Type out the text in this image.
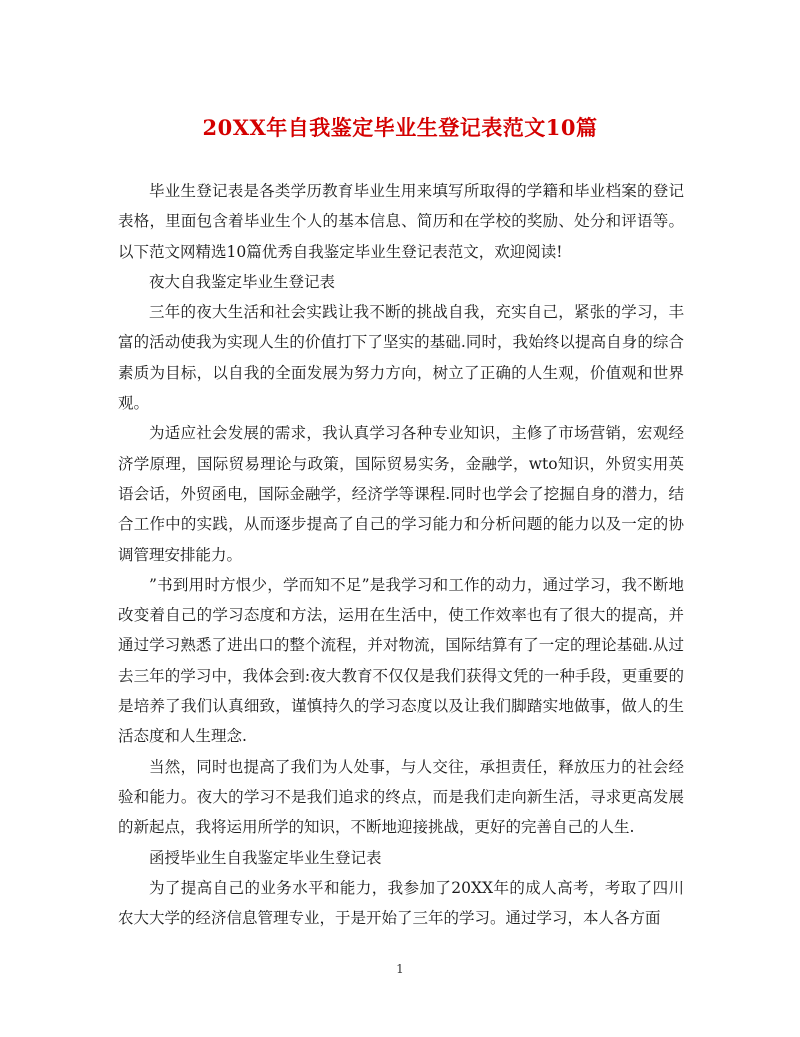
20XX年自我鉴定毕业生登记表范文10篇

毕业生登记表是各类学历教育毕业生用来填写所取得的学籍和毕业档案的登记表格，里面包含着毕业生个人的基本信息、简历和在学校的奖励、处分和评语等。以下范文网精选10篇优秀自我鉴定毕业生登记表范文，欢迎阅读!

夜大自我鉴定毕业生登记表

三年的夜大生活和社会实践让我不断的挑战自我，充实自己，紧张的学习，丰富的活动使我为实现人生的价值打下了坚实的基础.同时，我始终以提高自身的综合素质为目标，以自我的全面发展为努力方向，树立了正确的人生观，价值观和世界观。

为适应社会发展的需求，我认真学习各种专业知识，主修了市场营销，宏观经济学原理，国际贸易理论与政策，国际贸易实务，金融学，wto知识，外贸实用英语会话，外贸函电，国际金融学，经济学等课程.同时也学会了挖掘自身的潜力，结合工作中的实践，从而逐步提高了自己的学习能力和分析问题的能力以及一定的协调管理安排能力。

”书到用时方恨少，学而知不足”是我学习和工作的动力，通过学习，我不断地改变着自己的学习态度和方法，运用在生活中，使工作效率也有了很大的提高，并通过学习熟悉了进出口的整个流程，并对物流，国际结算有了一定的理论基础.从过去三年的学习中，我体会到:夜大教育不仅仅是我们获得文凭的一种手段，更重要的是培养了我们认真细致，谨慎持久的学习态度以及让我们脚踏实地做事，做人的生活态度和人生理念.

当然，同时也提高了我们为人处事，与人交往，承担责任，释放压力的社会经验和能力。夜大的学习不是我们追求的终点，而是我们走向新生活，寻求更高发展的新起点，我将运用所学的知识，不断地迎接挑战，更好的完善自己的人生.

函授毕业生自我鉴定毕业生登记表

为了提高自己的业务水平和能力，我参加了20XX年的成人高考，考取了四川农大大学的经济信息管理专业，于是开始了三年的学习。通过学习，本人各方面

1
